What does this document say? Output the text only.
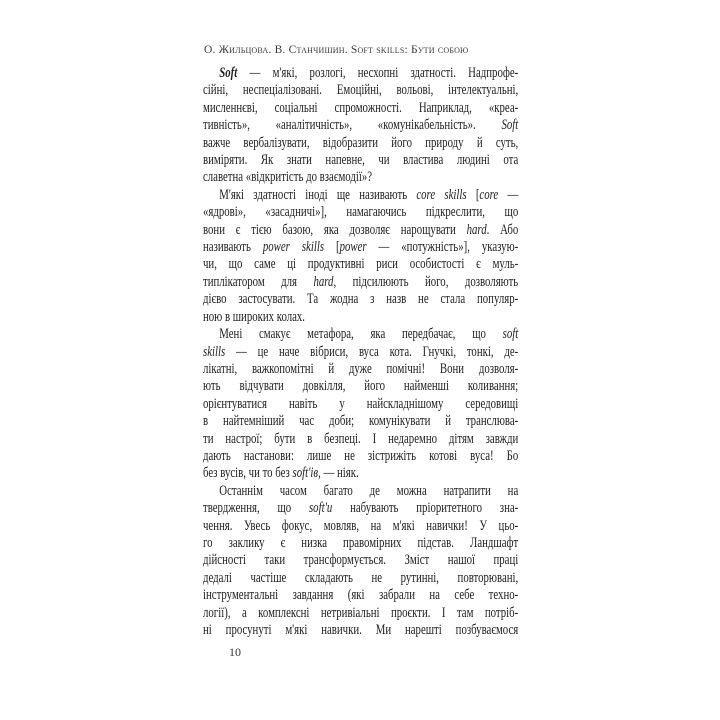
О. Жильцова. В. Станчишин. Soft skills: Бути собою
Soft — м'які, розлогі, несхопні здатності. Надпрофе-
сійні, неспеціалізовані. Емоційні, вольові, інтелектуальні,
мисленнєві, соціальні спроможності. Наприклад, «креа-
тивність», «аналітичність», «комунікабельність». Soft
важче вербалізувати, відобразити його природу й суть,
виміряти. Як знати напевне, чи властива людині ота
славетна «відкритість до взаємодії»?
М'які здатності іноді ще називають core skills [core —
«ядрові», «засадничі»], намагаючись підкреслити, що
вони є тією базою, яка дозволяє нарощувати hard. Або
називають power skills [power — «потужність»], указую-
чи, що саме ці продуктивні риси особистості є муль-
типлікатором для hard, підсилюють його, дозволяють
дієво застосувати. Та жодна з назв не стала популяр-
ною в широких колах.
Мені смакує метафора, яка передбачає, що soft
skills — це наче вібриси, вуса кота. Гнучкі, тонкі, де-
лікатні, важкопомітні й дуже помічні! Вони дозволя-
ють відчувати довкілля, його найменші коливання;
орієнтуватися навіть у найскладнішому середовищі
в найтемніший час доби; комунікувати й транслюва-
ти настрої; бути в безпеці. І недаремно дітям завжди
дають настанови: лише не зістрижіть котові вуса! Бо
без вусів, чи то без soft'ів, — ніяк.
Останнім часом багато де можна натрапити на
твердження, що soft'и набувають пріоритетного зна-
чення. Увесь фокус, мовляв, на м'які навички! У цьо-
го заклику є низка правомірних підстав. Ландшафт
дійсності таки трансформується. Зміст нашої праці
дедалі частіше складають не рутинні, повторювані,
інструментальні завдання (які забрали на себе техно-
логії), а комплексні нетривіальні проєкти. І там потріб-
ні просунуті м'які навички. Ми нарешті позбуваємося
10
